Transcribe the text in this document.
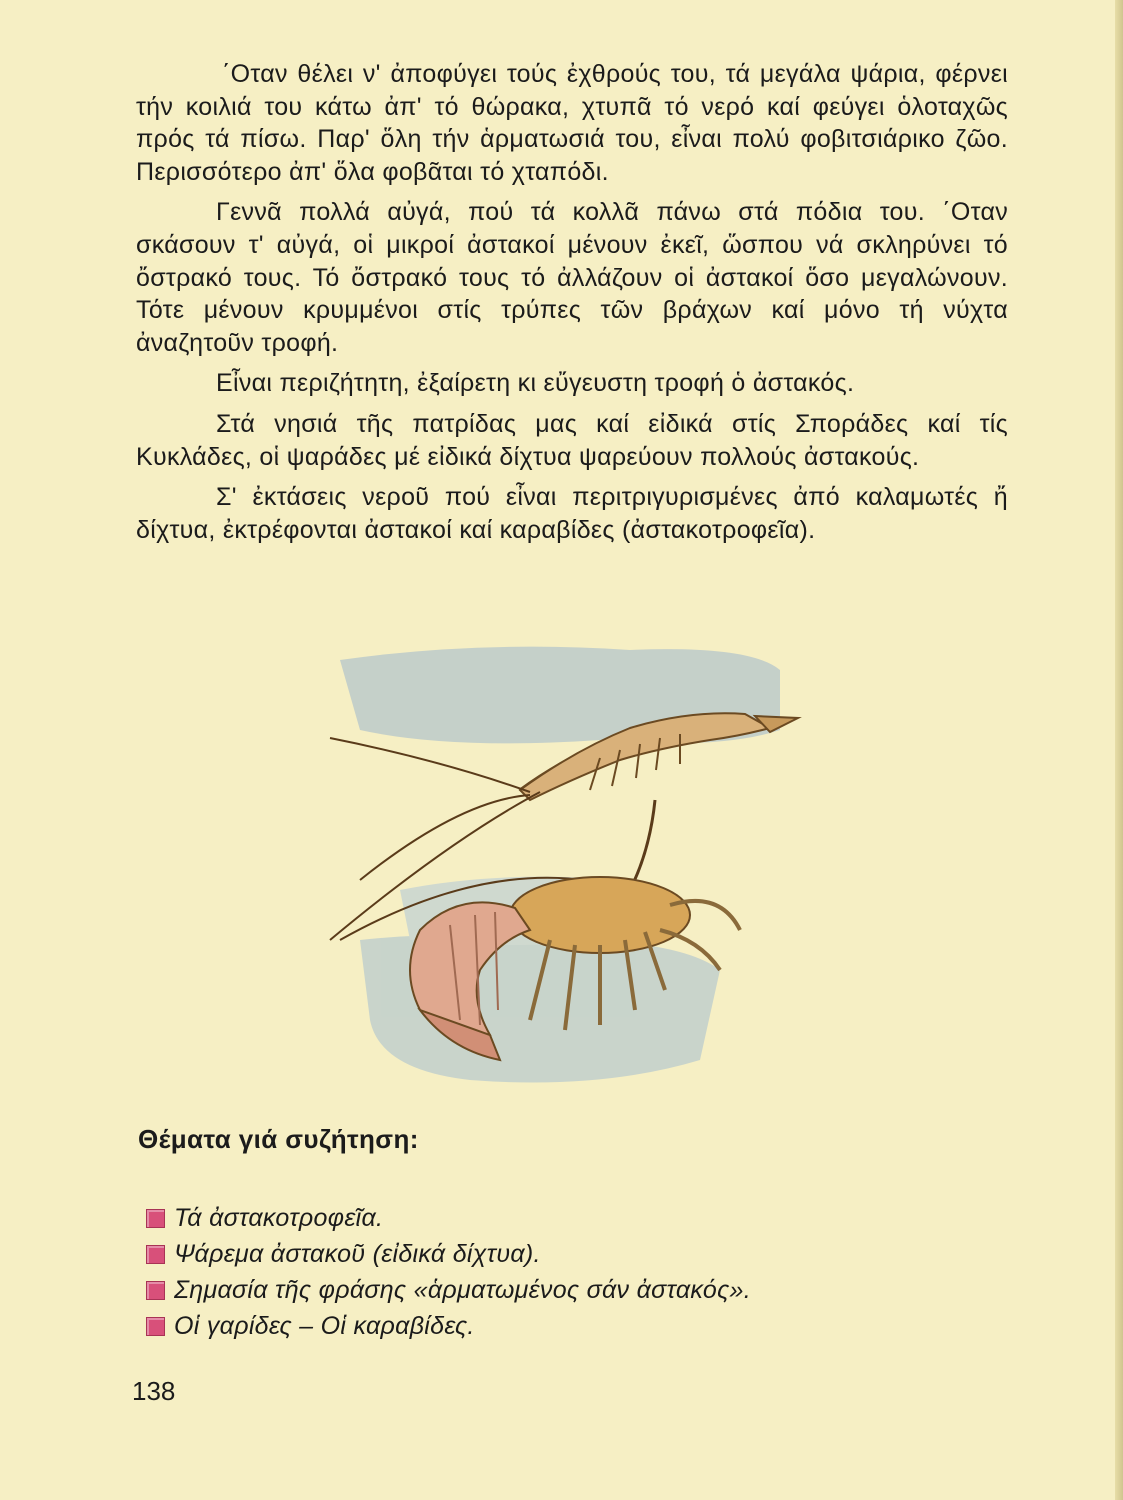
΄Οταν θέλει ν' ἀποφύγει τούς ἐχθρούς του, τά μεγάλα ψάρια, φέρνει τήν κοιλιά του κάτω ἀπ' τό θώρακα, χτυπᾶ τό νερό καί φεύγει ὁλοταχῶς πρός τά πίσω. Παρ' ὅλη τήν ἁρματωσιά του, εἶναι πολύ φοβιτσιάρικο ζῶο. Περισσότερο ἀπ' ὅλα φοβᾶται τό χταπόδι.

Γεννᾶ πολλά αὐγά, πού τά κολλᾶ πάνω στά πόδια του. ΄Οταν σκάσουν τ' αὐγά, οἱ μικροί ἀστακοί μένουν ἐκεῖ, ὥσπου νά σκληρύνει τό ὄστρακό τους. Τό ὄστρακό τους τό ἀλλάζουν οἱ ἀστακοί ὅσο μεγαλώνουν. Τότε μένουν κρυμμένοι στίς τρύπες τῶν βράχων καί μόνο τή νύχτα ἀναζητοῦν τροφή.

Εἶναι περιζήτητη, ἐξαίρετη κι εὔγευστη τροφή ὁ ἀστακός.

Στά νησιά τῆς πατρίδας μας καί εἰδικά στίς Σποράδες καί τίς Κυκλάδες, οἱ ψαράδες μέ εἰδικά δίχτυα ψαρεύουν πολλούς ἀστακούς.

Σ' ἐκτάσεις νεροῦ πού εἶναι περιτριγυρισμένες ἀπό καλαμωτές ἤ δίχτυα, ἐκτρέφονται ἀστακοί καί καραβίδες (ἀστακοτροφεῖα).

Θέματα γιά συζήτηση:
Τά ἀστακοτροφεῖα.
Ψάρεμα ἀστακοῦ (εἰδικά δίχτυα).
Σημασία τῆς φράσης «ἁρματωμένος σάν ἀστακός».
Οἱ γαρίδες – Οἱ καραβίδες.
138
